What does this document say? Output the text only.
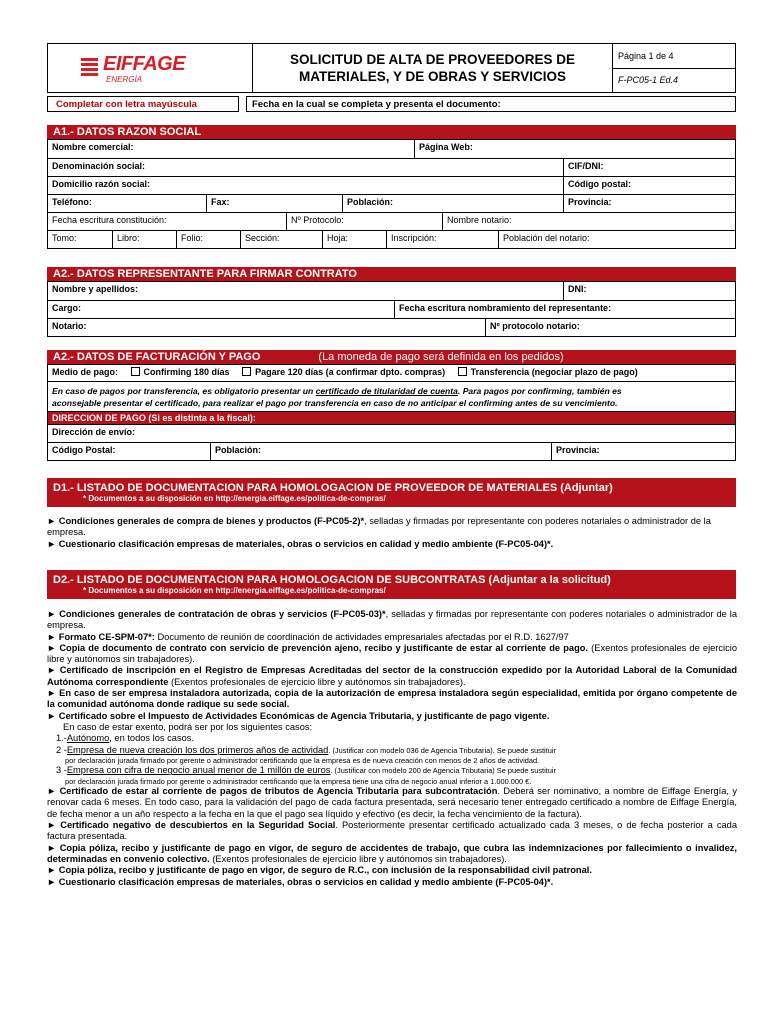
EIFFAGE
ENERGÍA
SOLICITUD DE ALTA DE PROVEEDORES DE
MATERIALES, Y DE OBRAS Y SERVICIOS
Página 1 de 4
F-PC05-1 Ed.4
Completar con letra mayúscula	Fecha en la cual se completa y presenta el documento:
A1.- DATOS RAZON SOCIAL
Nombre comercial:	Página Web:
Denominación social:	CIF/DNI:
Domicilio razón social:	Código postal:
Teléfono:	Fax:	Población:	Provincia:
Fecha escritura constitución:	Nº Protocolo:	Nombre notario:
Tomo:	Libro:	Folio:	Sección:	Hoja:	Inscripción:	Población del notario:
A2.- DATOS REPRESENTANTE PARA FIRMAR CONTRATO
Nombre y apellidos:	DNI:
Cargo:	Fecha escritura nombramiento del representante:
Notario:	Nº protocolo notario:
A2.- DATOS DE FACTURACIÓN Y PAGO	(La moneda de pago será definida en los pedidos)
Medio de pago:	Confirming 180 días	Pagare 120 días (a confirmar dpto. compras)	Transferencia (negociar plazo de pago)
En caso de pagos por transferencia, es obligatorio presentar un certificado de titularidad de cuenta. Para pagos por confirming, también es
aconsejable presentar el certificado, para realizar el pago por transferencia en caso de no anticipar el confirming antes de su vencimiento.
DIRECCION DE PAGO (Si es distinta a la fiscal):
Dirección de envío:
Código Postal:	Población:	Provincia:
D1.- LISTADO DE DOCUMENTACION PARA HOMOLOGACION DE PROVEEDOR DE MATERIALES (Adjuntar)
* Documentos a su disposición en http://energia.eiffage.es/politica-de-compras/

► Condiciones generales de compra de bienes y productos (F-PC05-2)*, selladas y firmadas por representante con poderes notariales o administrador de la empresa.

► Cuestionario clasificación empresas de materiales, obras o servicios en calidad y medio ambiente (F-PC05-04)*.

D2.- LISTADO DE DOCUMENTACION PARA HOMOLOGACION DE SUBCONTRATAS (Adjuntar a la solicitud)
* Documentos a su disposición en http://energia.eiffage.es/politica-de-compras/

► Condiciones generales de contratación de obras y servicios (F-PC05-03)*, selladas y firmadas por representante con poderes notariales o administrador de la empresa.

► Formato CE-SPM-07*: Documento de reunión de coordinación de actividades empresariales afectadas por el R.D. 1627/97

► Copia de documento de contrato con servicio de prevención ajeno, recibo y justificante de estar al corriente de pago. (Exentos profesionales de ejercicio libre y autónomos sin trabajadores).

► Certificado de inscripción en el Registro de Empresas Acreditadas del sector de la construcción expedido por la Autoridad Laboral de la Comunidad Autónoma correspondiente (Exentos profesionales de ejercicio libre y autónomos sin trabajadores).

► En caso de ser empresa instaladora autorizada, copia de la autorización de empresa instaladora según especialidad, emitida por órgano competente de la comunidad autónoma donde radique su sede social.

► Certificado sobre el Impuesto de Actividades Económicas de Agencia Tributaria, y justificante de pago vigente.

En caso de estar exento, podrá ser por los siguientes casos:

1.-Autónomo, en todos los casos.

2 -Empresa de nueva creación los dos primeros años de actividad. (Justificar con modelo 036 de Agencia Tributaria). Se puede sustituir

por declaración jurada firmado por gerente o administrador certificando que la empresa es de nueva creación con menos de 2 años de actividad.

3 -Empresa con cifra de negocio anual menor de 1 millón de euros. (Justificar con modelo 200 de Agencia Tributaria) Se puede sustituir

por declaración jurada firmado por gerente o administrador certificando que la empresa tiene una cifra de negocio anual inferior a 1.000.000 €.

► Certificado de estar al corriente de pagos de tributos de Agencia Tributaria para subcontratación. Deberá ser nominativo, a nombre de Eiffage Energía, y renovar cada 6 meses. En todo caso, para la validación del pago de cada factura presentada, será necesario tener entregado certificado a nombre de Eiffage Energía, de fecha menor a un año respecto a la fecha en la que el pago sea líquido y efectivo (es decir, la fecha vencimiento de la factura).

► Certificado negativo de descubiertos en la Seguridad Social. Posteriormente presentar certificado actualizado cada 3 meses, o de fecha posterior a cada factura presentada.

► Copia póliza, recibo y justificante de pago en vigor, de seguro de accidentes de trabajo, que cubra las indemnizaciones por fallecimiento o invalidez, determinadas en convenio colectivo. (Exentos profesionales de ejercicio libre y autónomos sin trabajadores).

► Copia póliza, recibo y justificante de pago en vigor, de seguro de R.C., con inclusión de la responsabilidad civil patronal.

► Cuestionario clasificación empresas de materiales, obras o servicios en calidad y medio ambiente (F-PC05-04)*.
